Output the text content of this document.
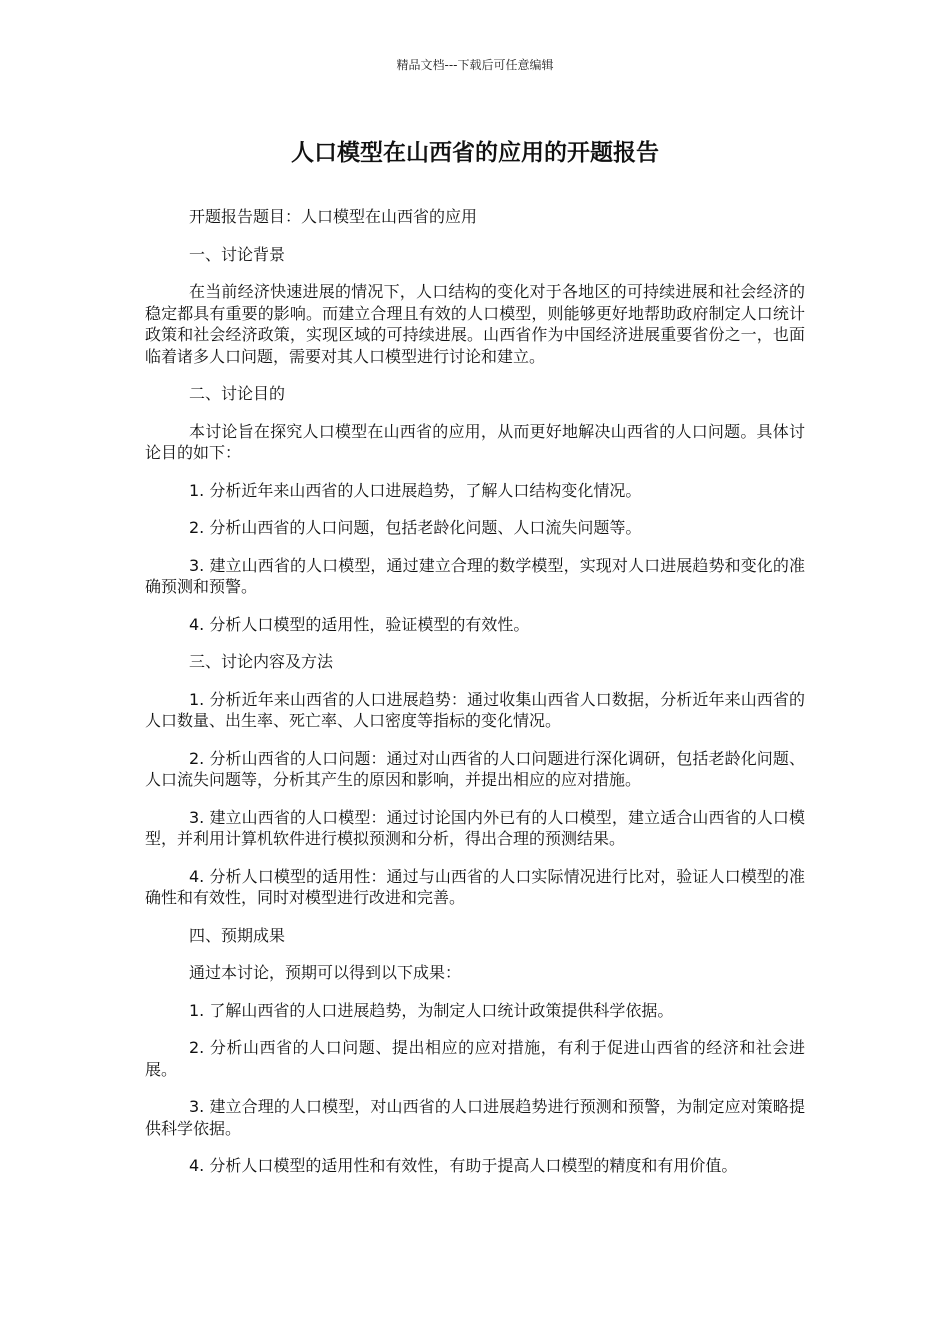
精品文档---下载后可任意编辑
人口模型在山西省的应用的开题报告

开题报告题目：人口模型在山西省的应用

一、讨论背景

在当前经济快速进展的情况下，人口结构的变化对于各地区的可持续进展和社会经济的稳定都具有重要的影响。而建立合理且有效的人口模型，则能够更好地帮助政府制定人口统计政策和社会经济政策，实现区域的可持续进展。山西省作为中国经济进展重要省份之一，也面临着诸多人口问题，需要对其人口模型进行讨论和建立。

二、讨论目的

本讨论旨在探究人口模型在山西省的应用，从而更好地解决山西省的人口问题。具体讨论目的如下：

1. 分析近年来山西省的人口进展趋势，了解人口结构变化情况。

2. 分析山西省的人口问题，包括老龄化问题、人口流失问题等。

3. 建立山西省的人口模型，通过建立合理的数学模型，实现对人口进展趋势和变化的准确预测和预警。

4. 分析人口模型的适用性，验证模型的有效性。

三、讨论内容及方法

1. 分析近年来山西省的人口进展趋势：通过收集山西省人口数据，分析近年来山西省的人口数量、出生率、死亡率、人口密度等指标的变化情况。

2. 分析山西省的人口问题：通过对山西省的人口问题进行深化调研，包括老龄化问题、人口流失问题等，分析其产生的原因和影响，并提出相应的应对措施。

3. 建立山西省的人口模型：通过讨论国内外已有的人口模型，建立适合山西省的人口模型，并利用计算机软件进行模拟预测和分析，得出合理的预测结果。

4. 分析人口模型的适用性：通过与山西省的人口实际情况进行比对，验证人口模型的准确性和有效性，同时对模型进行改进和完善。

四、预期成果

通过本讨论，预期可以得到以下成果：

1. 了解山西省的人口进展趋势，为制定人口统计政策提供科学依据。

2. 分析山西省的人口问题、提出相应的应对措施，有利于促进山西省的经济和社会进展。

3. 建立合理的人口模型，对山西省的人口进展趋势进行预测和预警，为制定应对策略提供科学依据。

4. 分析人口模型的适用性和有效性，有助于提高人口模型的精度和有用价值。
